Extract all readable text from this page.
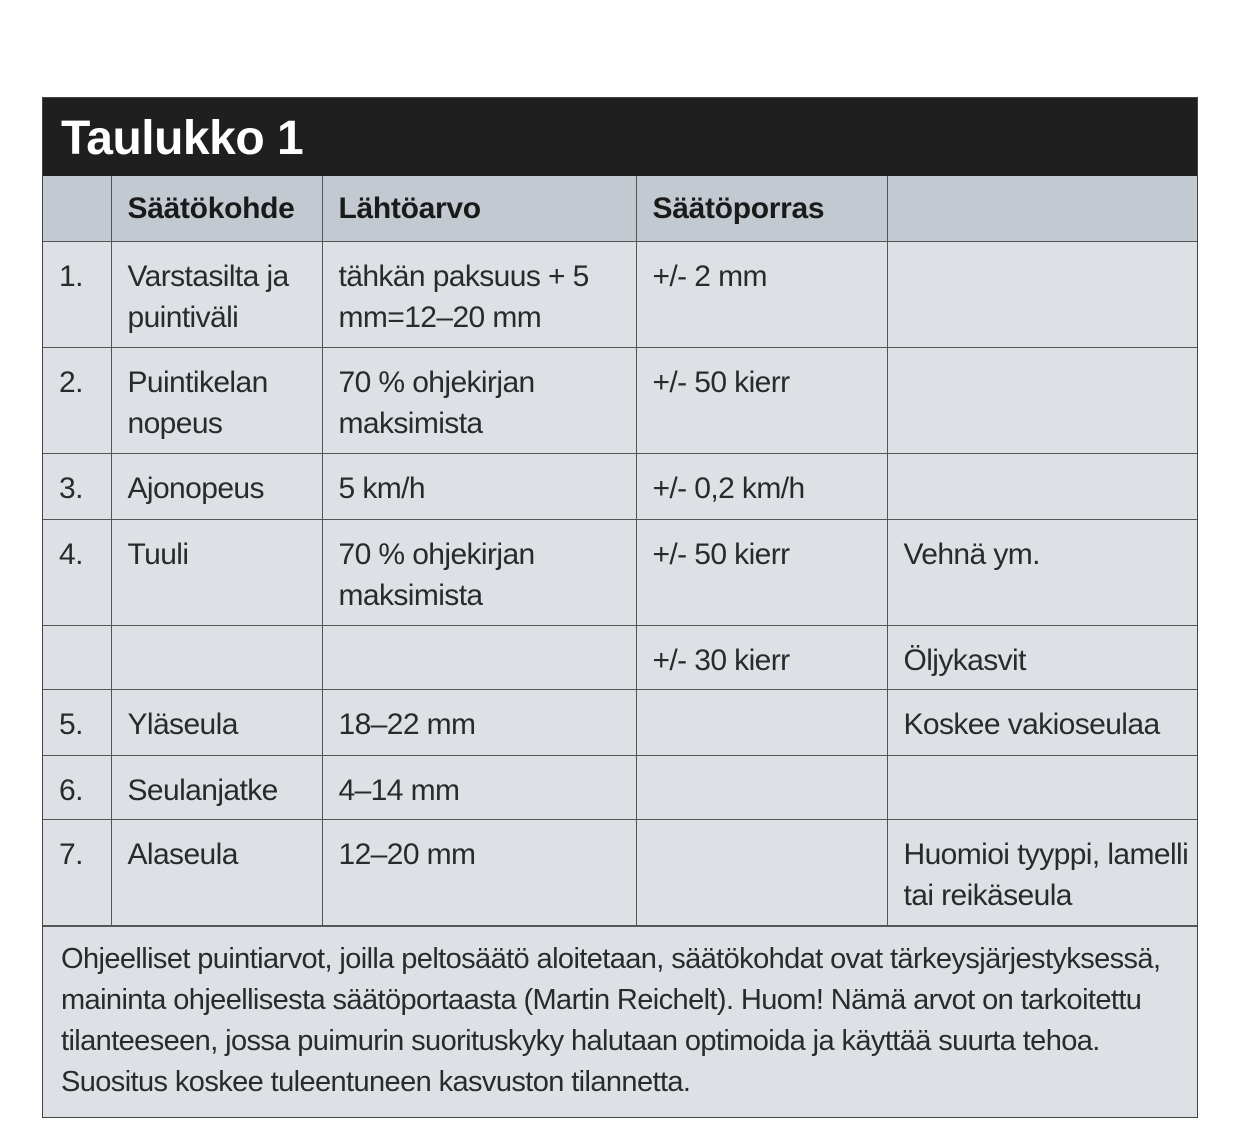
Taulukko 1
	Säätökohde	Lähtöarvo	Säätöporras	
1.	Varstasilta ja puintiväli	tähkän paksuus + 5 mm=12–20 mm	+/- 2 mm	
2.	Puintikelan nopeus	70 % ohjekirjan maksimista	+/- 50 kierr	
3.	Ajonopeus	5 km/h	+/- 0,2 km/h	
4.	Tuuli	70 % ohjekirjan maksimista	+/- 50 kierr	Vehnä ym.
			+/- 30 kierr	Öljykasvit
5.	Yläseula	18–22 mm		Koskee vakioseulaa
6.	Seulanjatke	4–14 mm		
7.	Alaseula	12–20 mm		Huomioi tyyppi, lamelli tai reikäseula
Ohjeelliset puintiarvot, joilla peltosäätö aloitetaan, säätökohdat ovat tärkeysjärjestyksessä, maininta ohjeellisesta säätöportaasta (Martin Reichelt). Huom! Nämä arvot on tarkoitettu tilanteeseen, jossa puimurin suorituskyky halutaan optimoida ja käyttää suurta tehoa. Suositus koskee tuleentuneen kasvuston tilannetta.
